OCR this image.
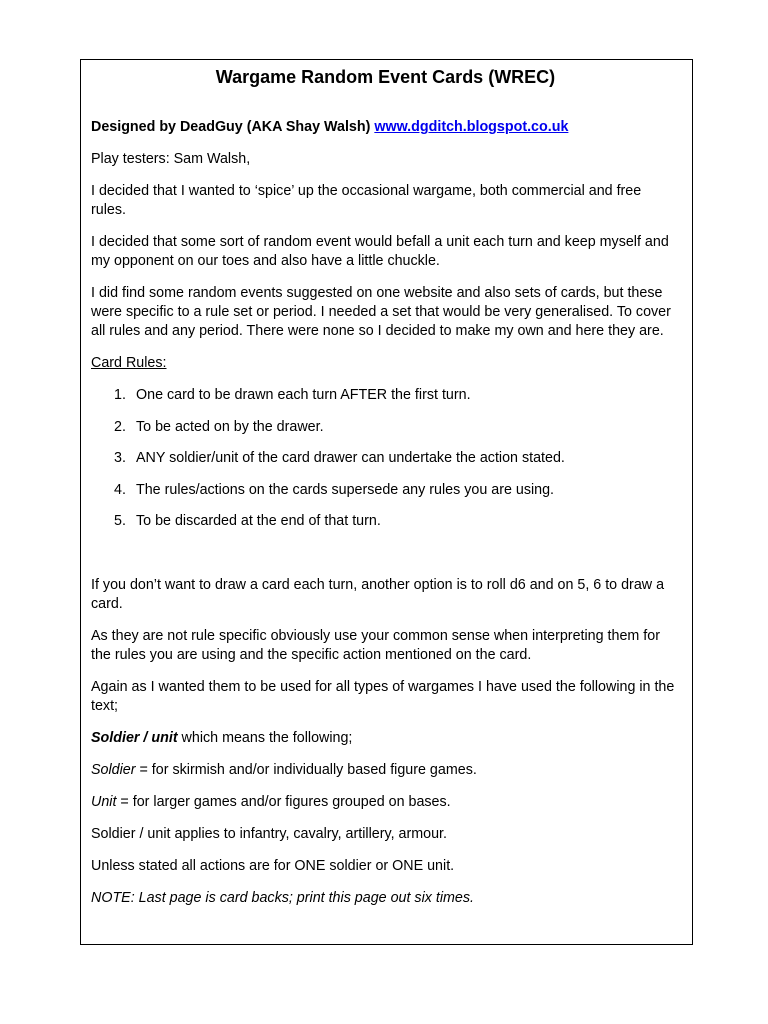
Wargame Random Event Cards (WREC)

Designed by DeadGuy (AKA Shay Walsh) www.dgditch.blogspot.co.uk

Play testers: Sam Walsh,

I decided that I wanted to ‘spice’ up the occasional wargame, both commercial and free rules.

I decided that some sort of random event would befall a unit each turn and keep myself and my opponent on our toes and also have a little chuckle.

I did find some random events suggested on one website and also sets of cards, but these were specific to a rule set or period. I needed a set that would be very generalised. To cover all rules and any period. There were none so I decided to make my own and here they are.

Card Rules:

1. One card to be drawn each turn AFTER the first turn.
2. To be acted on by the drawer.
3. ANY soldier/unit of the card drawer can undertake the action stated.
4. The rules/actions on the cards supersede any rules you are using.
5. To be discarded at the end of that turn.

If you don’t want to draw a card each turn, another option is to roll d6 and on 5, 6 to draw a card.

As they are not rule specific obviously use your common sense when interpreting them for the rules you are using and the specific action mentioned on the card.

Again as I wanted them to be used for all types of wargames I have used the following in the text;

Soldier / unit which means the following;

Soldier = for skirmish and/or individually based figure games.

Unit = for larger games and/or figures grouped on bases.

Soldier / unit applies to infantry, cavalry, artillery, armour.

Unless stated all actions are for ONE soldier or ONE unit.

NOTE: Last page is card backs; print this page out six times.
